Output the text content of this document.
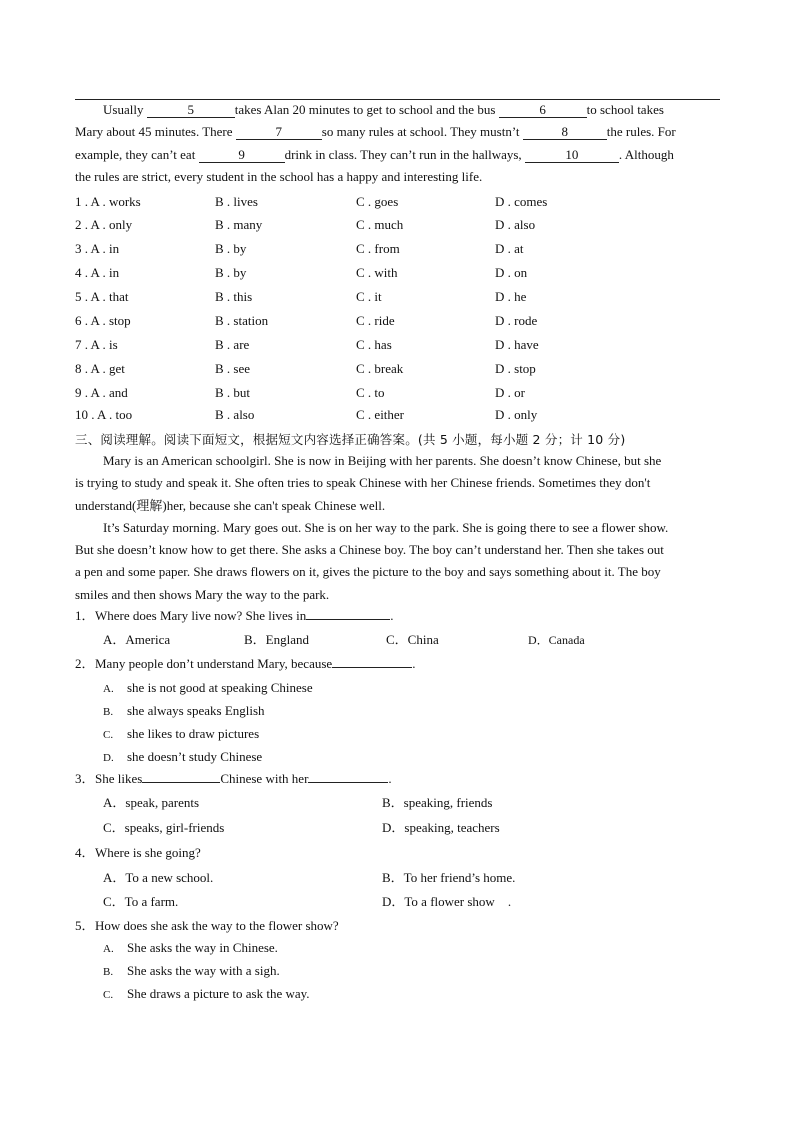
Usually	5	takes Alan 20 minutes to get to school and the bus	6	to school takes
Mary about 45 minutes. There	7	so many rules at school. They mustn’t	8	the rules. For
example, they can’t eat	9	drink in class. They can’t run in the hallways,	10	. Although
the rules are strict, every student in the school has a happy and interesting life.
1 . A . works	B . lives	C . goes	D . comes
2 . A . only	B . many	C . much	D . also
3 . A . in	B . by	C . from	D . at
4 . A . in	B . by	C . with	D . on
5 . A . that	B . this	C . it	D . he
6 . A . stop	B . station	C . ride	D . rode
7 . A . is	B . are	C . has	D . have
8 . A . get	B . see	C . break	D . stop
9 . A . and	B . but	C . to	D . or
10 . A . too	B . also	C . either	D . only
三、阅读理解。阅读下面短文，根据短文内容选择正确答案。(共 5 小题，每小题 2 分；计 10 分)
Mary is an American schoolgirl. She is now in Beijing with her parents. She doesn’t know Chinese, but she
is trying to study and speak it. She often tries to speak Chinese with her Chinese friends. Sometimes they don't
understand(理解)her, because she can't speak Chinese well.
It’s Saturday morning. Mary goes out. She is on her way to the park. She is going there to see a flower show.
But she doesn’t know how to get there. She asks a Chinese boy. The boy can’t understand her. Then she takes out
a pen and some paper. She draws flowers on it, gives the picture to the boy and says something about it. The boy
smiles and then shows Mary the way to the park.
1．Where does Mary live now? She lives in	.
A．America	B．England	C．China	D．Canada
2．Many people don’t understand Mary, because	.
A. she is not good at speaking Chinese
B. she always speaks English
C. she likes to draw pictures
D. she doesn’t study Chinese
3．She likes	Chinese with her	.
A．speak, parents	B．speaking, friends
C．speaks, girl-friends	D．speaking, teachers
4．Where is she going?
A．To a new school.	B．To her friend’s home.
C．To a farm.	D．To a flower show    .
5．How does she ask the way to the flower show?
A. She asks the way in Chinese.
B. She asks the way with a sigh.
C. She draws a picture to ask the way.
